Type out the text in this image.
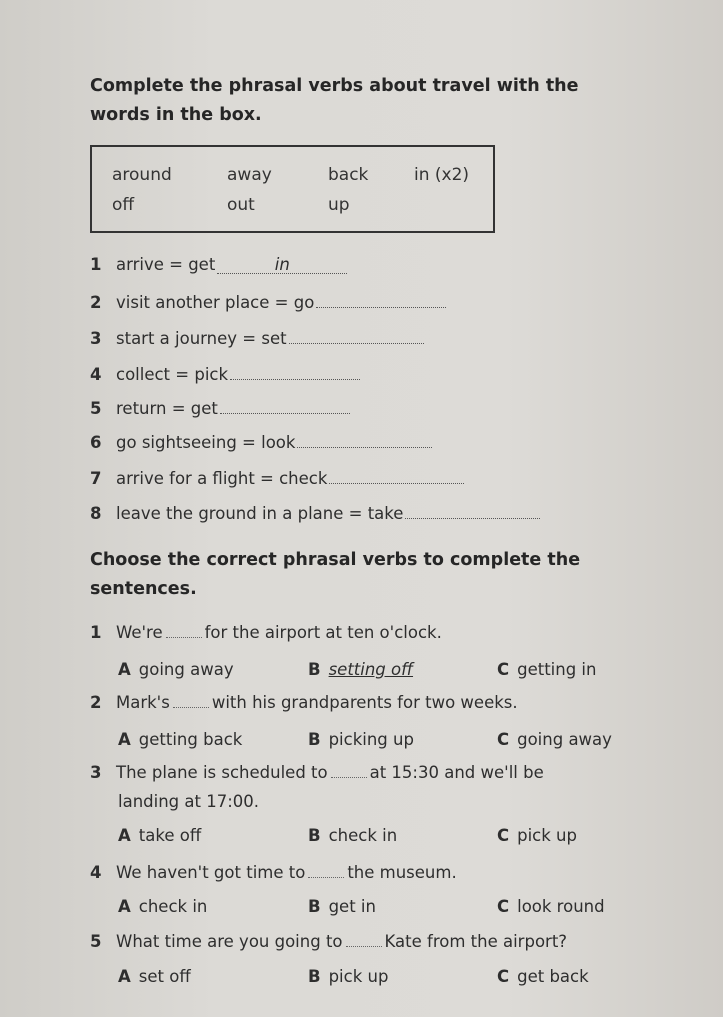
Complete the phrasal verbs about travel with the
words in the box.
around	away	back	in (x2)
off	out	up
1 arrive = get	in
2 visit another place = go
3 start a journey = set
4 collect = pick
5 return = get
6 go sightseeing = look
7 arrive for a flight = check
8 leave the ground in a plane = take
Choose the correct phrasal verbs to complete the
sentences.
1 We're	for the airport at ten o'clock.
A going away	B setting off	C getting in
2 Mark's	with his grandparents for two weeks.
A getting back	B picking up	C going away
3 The plane is scheduled to	at 15:30 and we'll be
landing at 17:00.
A take off	B check in	C pick up
4 We haven't got time to	the museum.
A check in	B get in	C look round
5 What time are you going to	Kate from the airport?
A set off	B pick up	C get back
